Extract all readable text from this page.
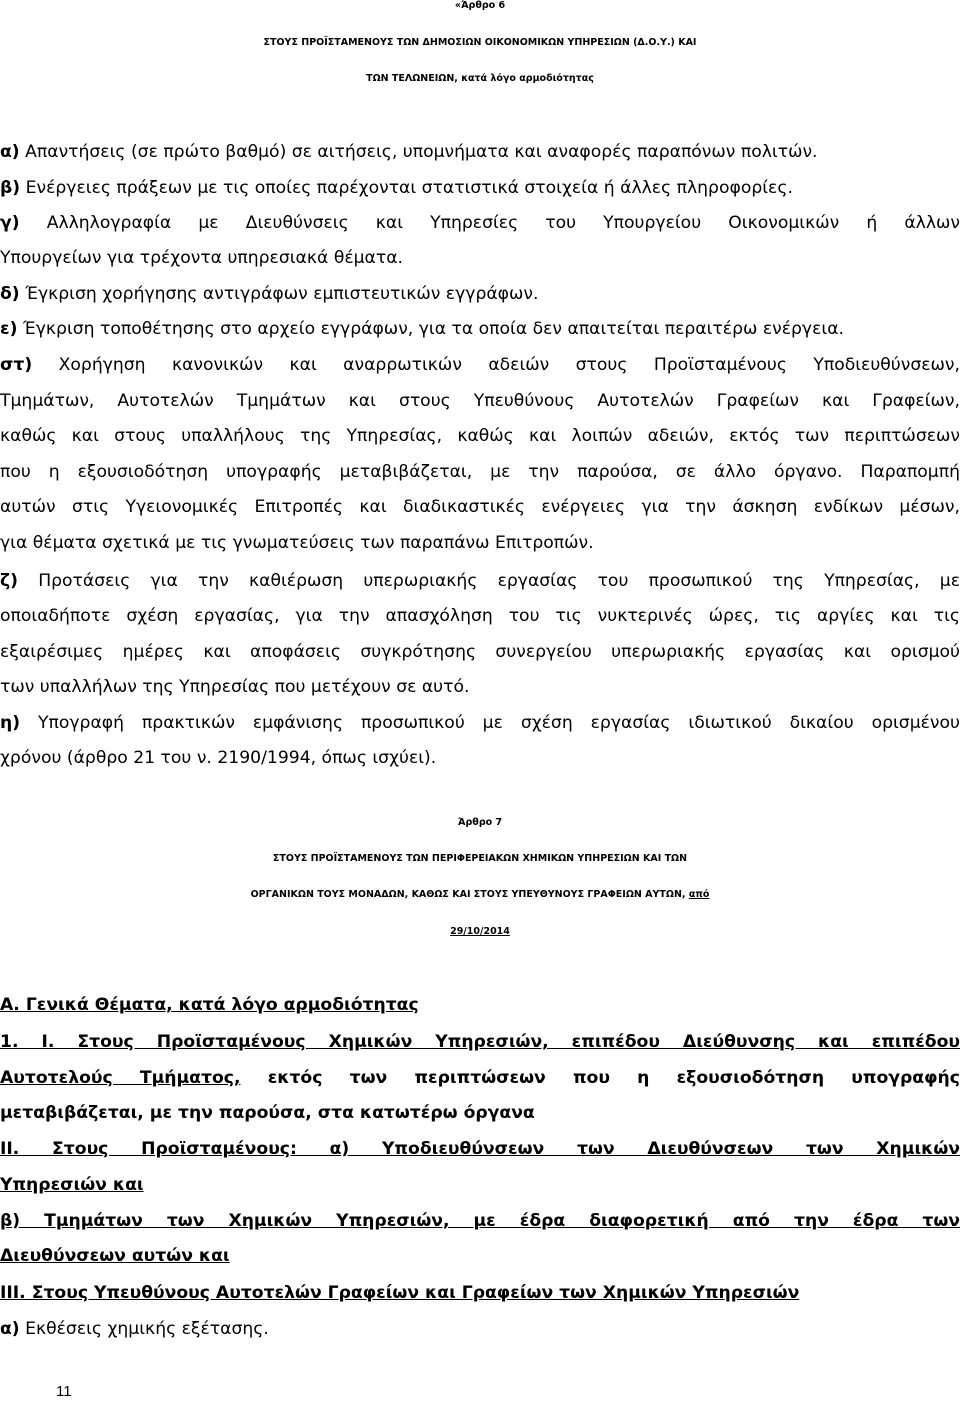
«Άρθρο 6
ΣΤΟΥΣ ΠΡΟΪΣΤΑΜΕΝΟΥΣ ΤΩΝ ΔΗΜΟΣΙΩΝ ΟΙΚΟΝΟΜΙΚΩΝ ΥΠΗΡΕΣΙΩΝ (Δ.Ο.Υ.) ΚΑΙ
ΤΩΝ ΤΕΛΩΝΕΙΩΝ, κατά λόγο αρμοδιότητας
α) Απαντήσεις (σε πρώτο βαθμό) σε αιτήσεις, υπομνήματα και αναφορές παραπόνων πολιτών.
β) Ενέργειες πράξεων με τις οποίες παρέχονται στατιστικά στοιχεία ή άλλες πληροφορίες.
γ) Αλληλογραφία με Διευθύνσεις και Υπηρεσίες του Υπουργείου Οικονομικών ή άλλων
Υπουργείων για τρέχοντα υπηρεσιακά θέματα.
δ) Έγκριση χορήγησης αντιγράφων εμπιστευτικών εγγράφων.
ε) Έγκριση τοποθέτησης στο αρχείο εγγράφων, για τα οποία δεν απαιτείται περαιτέρω ενέργεια.
στ) Χορήγηση κανονικών και αναρρωτικών αδειών στους Προϊσταμένους Υποδιευθύνσεων,
Τμημάτων, Αυτοτελών Τμημάτων και στους Υπευθύνους Αυτοτελών Γραφείων και Γραφείων,
καθώς και στους υπαλλήλους της Υπηρεσίας, καθώς και λοιπών αδειών, εκτός των περιπτώσεων
που η εξουσιοδότηση υπογραφής μεταβιβάζεται, με την παρούσα, σε άλλο όργανο. Παραπομπή
αυτών στις Υγειονομικές Επιτροπές και διαδικαστικές ενέργειες για την άσκηση ενδίκων μέσων,
για θέματα σχετικά με τις γνωματεύσεις των παραπάνω Επιτροπών.
ζ) Προτάσεις για την καθιέρωση υπερωριακής εργασίας του προσωπικού της Υπηρεσίας, με
οποιαδήποτε σχέση εργασίας, για την απασχόληση του τις νυκτερινές ώρες, τις αργίες και τις
εξαιρέσιμες ημέρες και αποφάσεις συγκρότησης συνεργείου υπερωριακής εργασίας και ορισμού
των υπαλλήλων της Υπηρεσίας που μετέχουν σε αυτό.
η) Υπογραφή πρακτικών εμφάνισης προσωπικού με σχέση εργασίας ιδιωτικού δικαίου ορισμένου
χρόνου (άρθρο 21 του ν. 2190/1994, όπως ισχύει).
Άρθρο 7
ΣΤΟΥΣ ΠΡΟΪΣΤΑΜΕΝΟΥΣ ΤΩΝ ΠΕΡΙΦΕΡΕΙΑΚΩΝ ΧΗΜΙΚΩΝ ΥΠΗΡΕΣΙΩΝ ΚΑΙ ΤΩΝ
ΟΡΓΑΝΙΚΩΝ ΤΟΥΣ ΜΟΝΑΔΩΝ, ΚΑΘΩΣ ΚΑΙ ΣΤΟΥΣ ΥΠΕΥΘΥΝΟΥΣ ΓΡΑΦΕΙΩΝ ΑΥΤΩΝ, από
29/10/2014
Α. Γενικά Θέματα, κατά λόγο αρμοδιότητας
1. Ι. Στους Προϊσταμένους Χημικών Υπηρεσιών, επιπέδου Διεύθυνσης και επιπέδου
Αυτοτελούς Τμήματος, εκτός των περιπτώσεων που η εξουσιοδότηση υπογραφής
μεταβιβάζεται, με την παρούσα, στα κατωτέρω όργανα
ΙΙ. Στους Προϊσταμένους: α) Υποδιευθύνσεων των Διευθύνσεων των Χημικών
Υπηρεσιών και
β) Τμημάτων των Χημικών Υπηρεσιών, με έδρα διαφορετική από την έδρα των
Διευθύνσεων αυτών και
ΙΙΙ. Στους Υπευθύνους Αυτοτελών Γραφείων και Γραφείων των Χημικών Υπηρεσιών
α) Εκθέσεις χημικής εξέτασης.
11
